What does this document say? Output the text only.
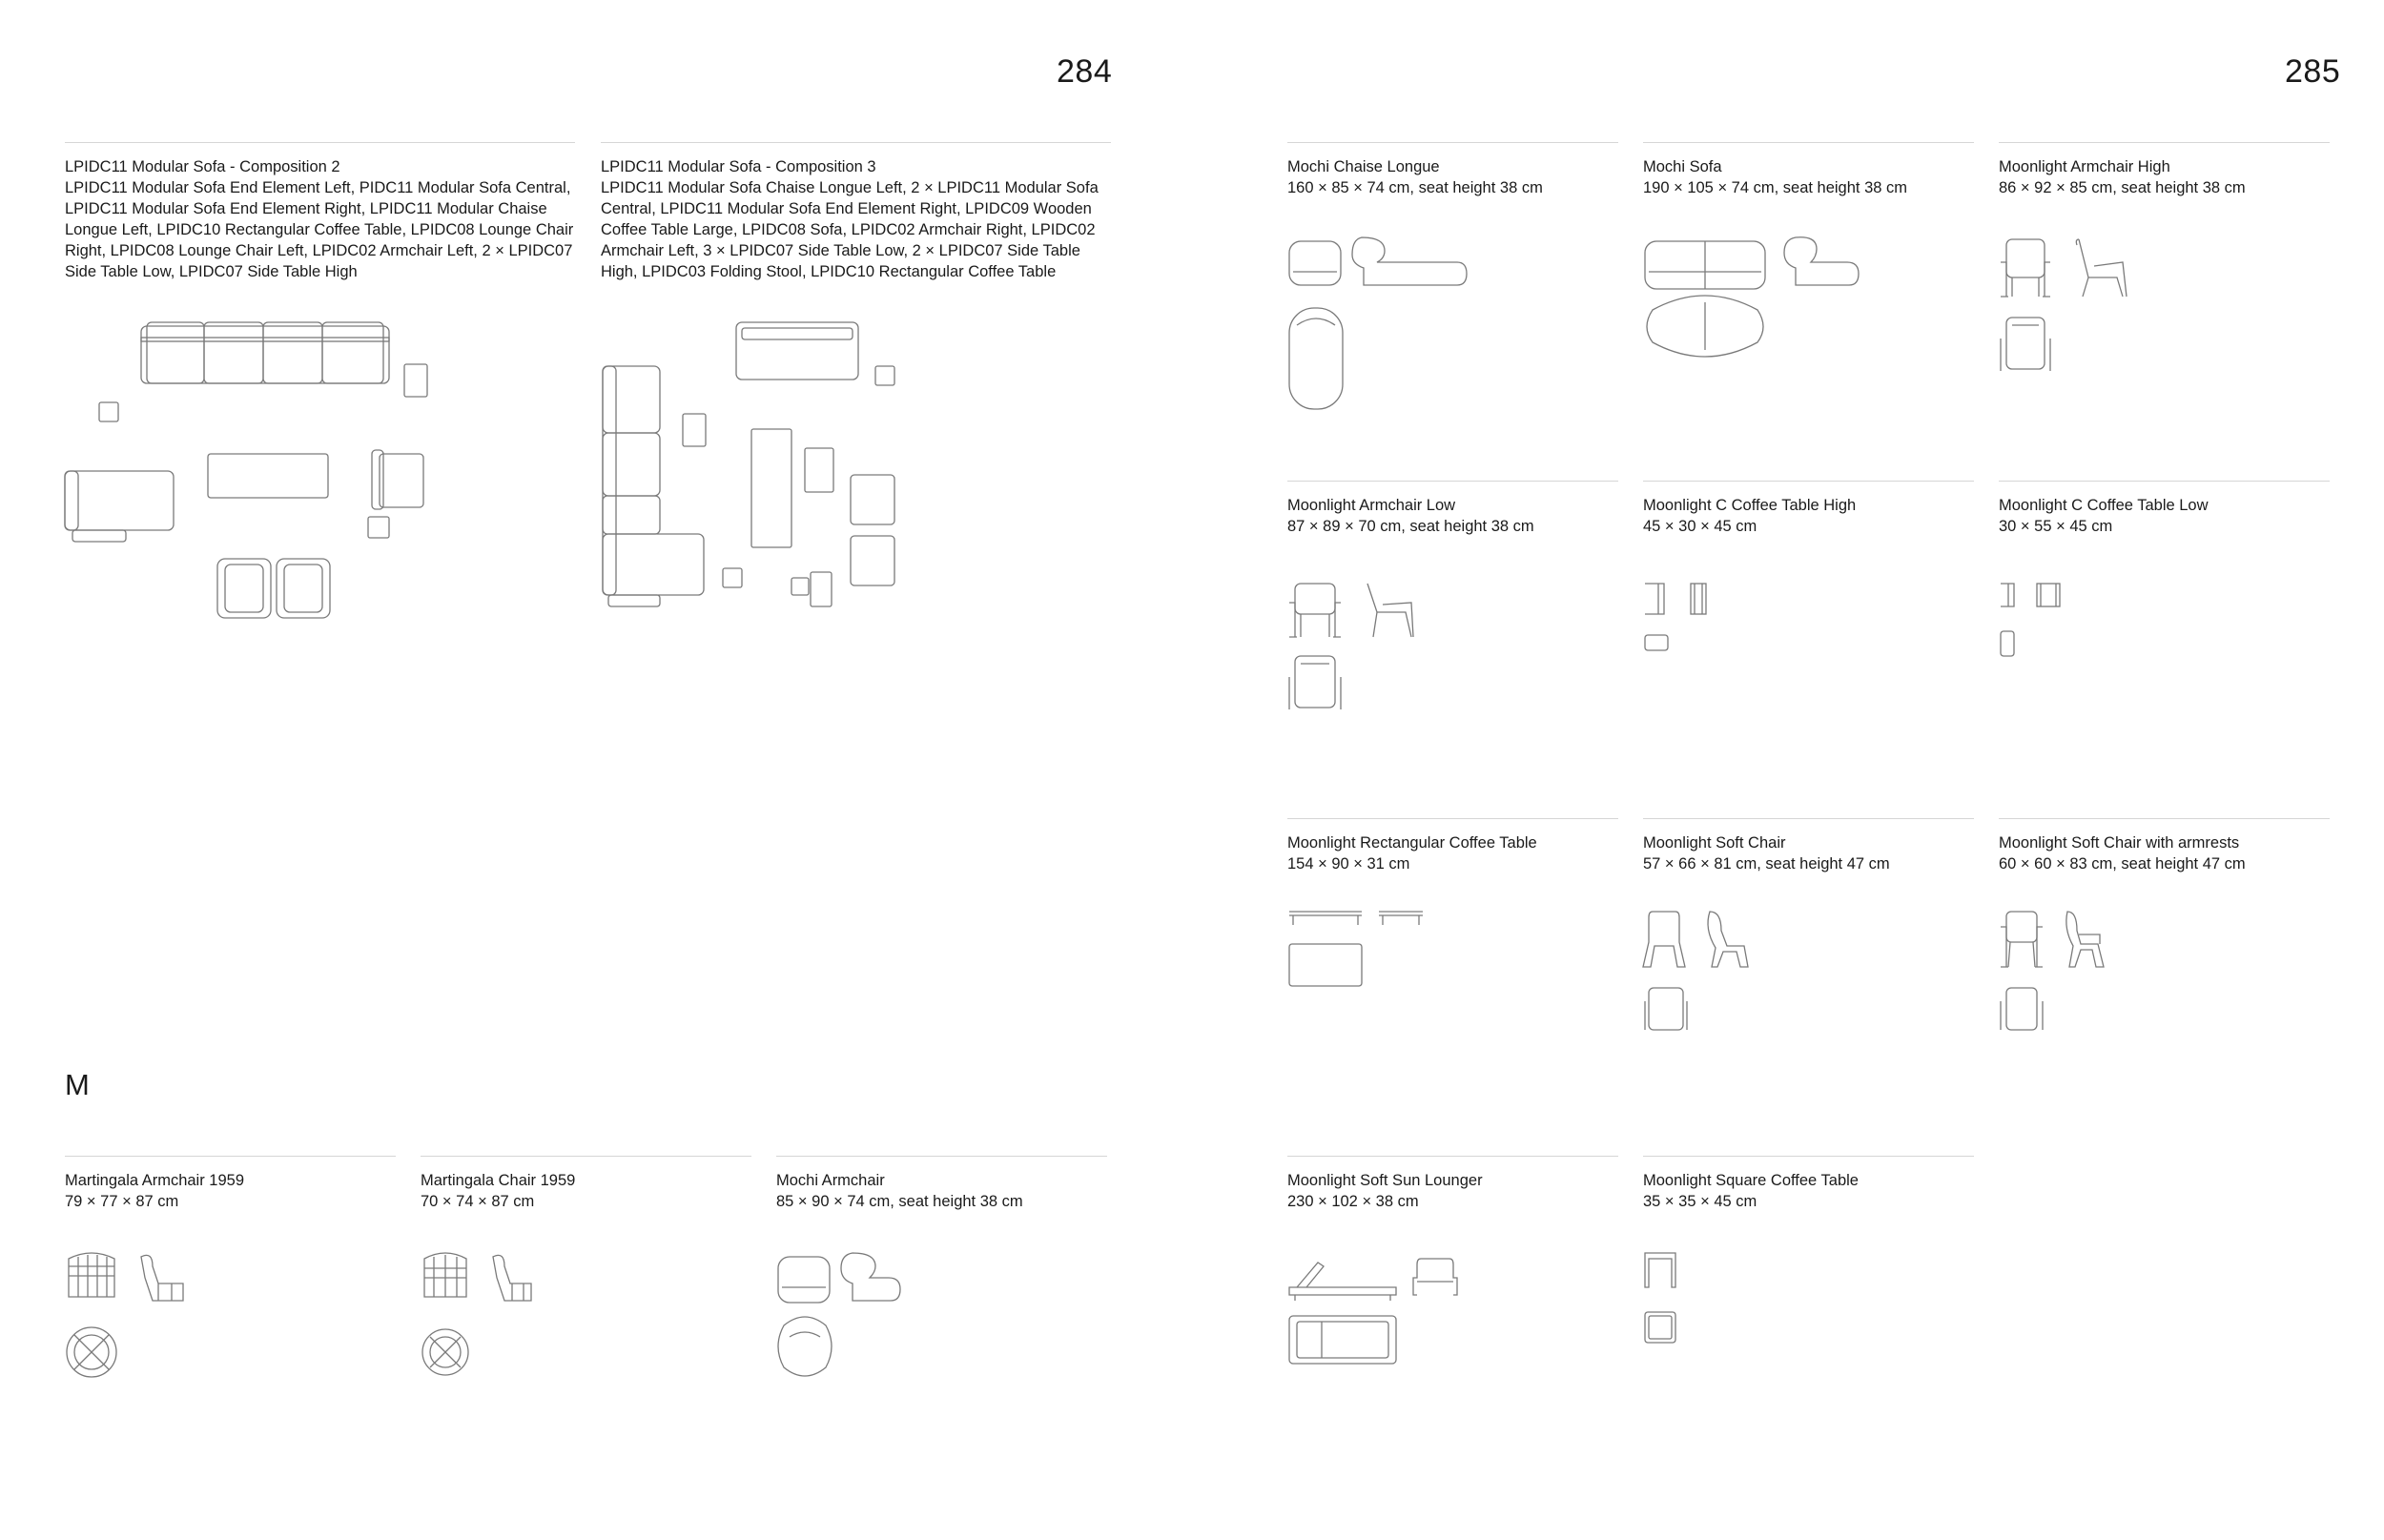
284	285
LPIDC11 Modular Sofa - Composition 2
LPIDC11 Modular Sofa End Element Left, PIDC11 Modular Sofa Central, LPIDC11 Modular Sofa End Element Right, LPIDC11 Modular Chaise Longue Left, LPIDC10 Rectangular Coffee Table, LPIDC08 Lounge Chair Right, LPIDC08 Lounge Chair Left, LPIDC02 Armchair Left, 2 × LPIDC07 Side Table Low, LPIDC07 Side Table High
LPIDC11 Modular Sofa - Composition 3
LPIDC11 Modular Sofa Chaise Longue Left, 2 × LPIDC11 Modular Sofa Central, LPIDC11 Modular Sofa End Element Right, LPIDC09 Wooden Coffee Table Large, LPIDC08 Sofa, LPIDC02 Armchair Right, LPIDC02 Armchair Left, 3 × LPIDC07 Side Table Low, 2 × LPIDC07 Side Table High, LPIDC03 Folding Stool, LPIDC10 Rectangular Coffee Table
Mochi Chaise Longue
160 × 85 × 74 cm, seat height 38 cm
Mochi Sofa
190 × 105 × 74 cm, seat height 38 cm
Moonlight Armchair High
86 × 92 × 85 cm, seat height 38 cm
Moonlight Armchair Low
87 × 89 × 70 cm, seat height 38 cm
Moonlight C Coffee Table High
45 × 30 × 45 cm
Moonlight C Coffee Table Low
30 × 55 × 45 cm
Moonlight Rectangular Coffee Table
154 × 90 × 31 cm
Moonlight Soft Chair
57 × 66 × 81 cm, seat height 47 cm
Moonlight Soft Chair with armrests
60 × 60 × 83 cm, seat height 47 cm
M
Martingala Armchair 1959
79 × 77 × 87 cm
Martingala Chair 1959
70 × 74 × 87 cm
Mochi Armchair
85 × 90 × 74 cm, seat height 38 cm
Moonlight Soft Sun Lounger
230 × 102 × 38 cm
Moonlight Square Coffee Table
35 × 35 × 45 cm
